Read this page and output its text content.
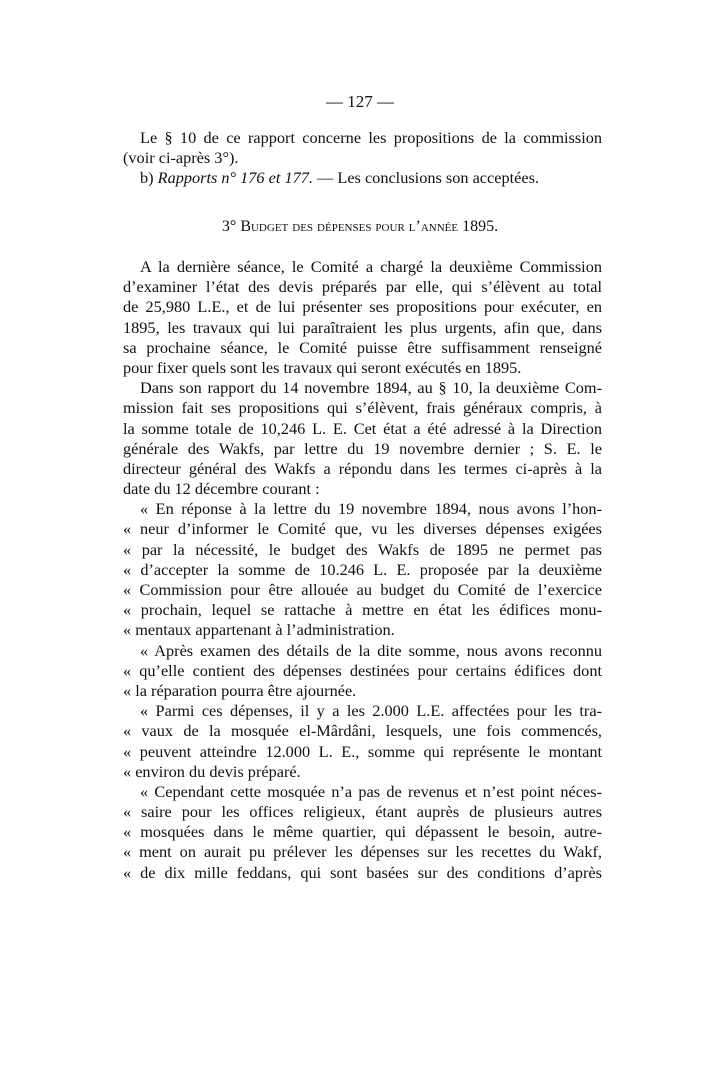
— 127 —
Le § 10 de ce rapport concerne les propositions de la commission
(voir ci-après 3°).
b) Rapports n° 176 et 177. — Les conclusions son acceptées.
3° Budget des dépenses pour l’année 1895.
A la dernière séance, le Comité a chargé la deuxième Commission
d’examiner l’état des devis préparés par elle, qui s’élèvent au total
de 25,980 L.E., et de lui présenter ses propositions pour exécuter, en
1895, les travaux qui lui paraîtraient les plus urgents, afin que, dans
sa prochaine séance, le Comité puisse être suffisamment renseigné
pour fixer quels sont les travaux qui seront exécutés en 1895.
Dans son rapport du 14 novembre 1894, au § 10, la deuxième Com-
mission fait ses propositions qui s’élèvent, frais généraux compris, à
la somme totale de 10,246 L. E. Cet état a été adressé à la Direction
générale des Wakfs, par lettre du 19 novembre dernier ; S. E. le
directeur général des Wakfs a répondu dans les termes ci-après à la
date du 12 décembre courant :
« En réponse à la lettre du 19 novembre 1894, nous avons l’hon-
« neur d’informer le Comité que, vu les diverses dépenses exigées
« par la nécessité, le budget des Wakfs de 1895 ne permet pas
« d’accepter la somme de 10.246 L. E. proposée par la deuxième
« Commission pour être allouée au budget du Comité de l’exercice
« prochain, lequel se rattache à mettre en état les édifices monu-
« mentaux appartenant à l’administration.
« Après examen des détails de la dite somme, nous avons reconnu
« qu’elle contient des dépenses destinées pour certains édifices dont
« la réparation pourra être ajournée.
« Parmi ces dépenses, il y a les 2.000 L.E. affectées pour les tra-
« vaux de la mosquée el-Mârdâni, lesquels, une fois commencés,
« peuvent atteindre 12.000 L. E., somme qui représente le montant
« environ du devis préparé.
« Cependant cette mosquée n’a pas de revenus et n’est point néces-
« saire pour les offices religieux, étant auprès de plusieurs autres
« mosquées dans le même quartier, qui dépassent le besoin, autre-
« ment on aurait pu prélever les dépenses sur les recettes du Wakf,
« de dix mille feddans, qui sont basées sur des conditions d’après
